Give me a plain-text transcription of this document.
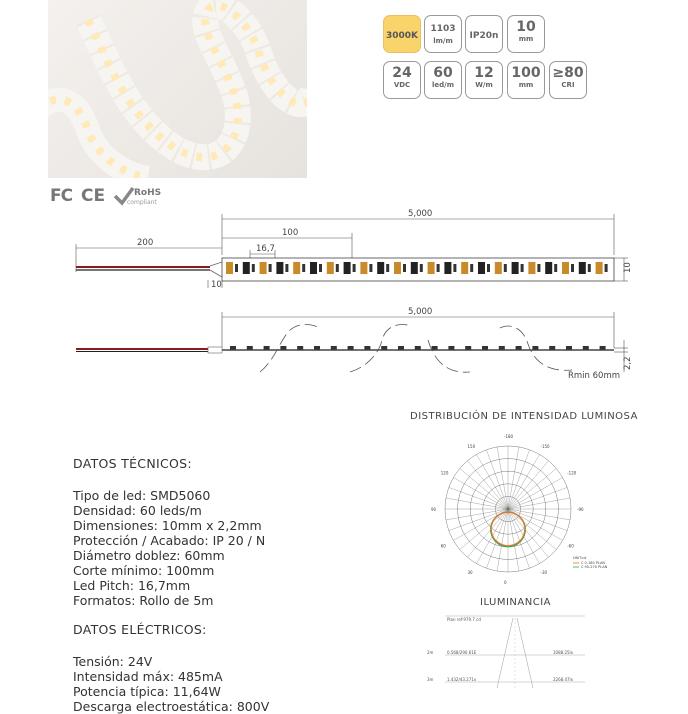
3000K
1103
lm/m	IP20n
10
mm
24
VDC
60
led/m
12
W/m
100
mm
≥80
CRI
FC CE	RoHS
compliant
5,000
100
16,7
200
10
10
5,000
2,2
Rmin 60mm
DATOS TÉCNICOS:
Tipo de led: SMD5060
Densidad: 60 leds/m
Dimensiones: 10mm x 2,2mm
Protección / Acabado: IP 20 / N
Diámetro doblez: 60mm
Corte mínimo: 100mm
Led Pitch: 16,7mm
Formatos: Rollo de 5m
DATOS ELÉCTRICOS:
Tensión: 24V
Intensidad máx: 485mA
Potencia típica: 11,64W
Descarga electroestática: 800V
DISTRIBUCIÓN DE INTENSIDAD LUMINOSA
0
-30
30
-60
60
-90
90
-120
120
-150
150
-180
UNIT:cd
C 0-180 PLAN
C 90-270 PLAN
ILUMINANCIA
Plan ref:979.7 cd
2m	0.568/290.61E	1088.25lx
3m	1.432/43.271x	2268.47lx
